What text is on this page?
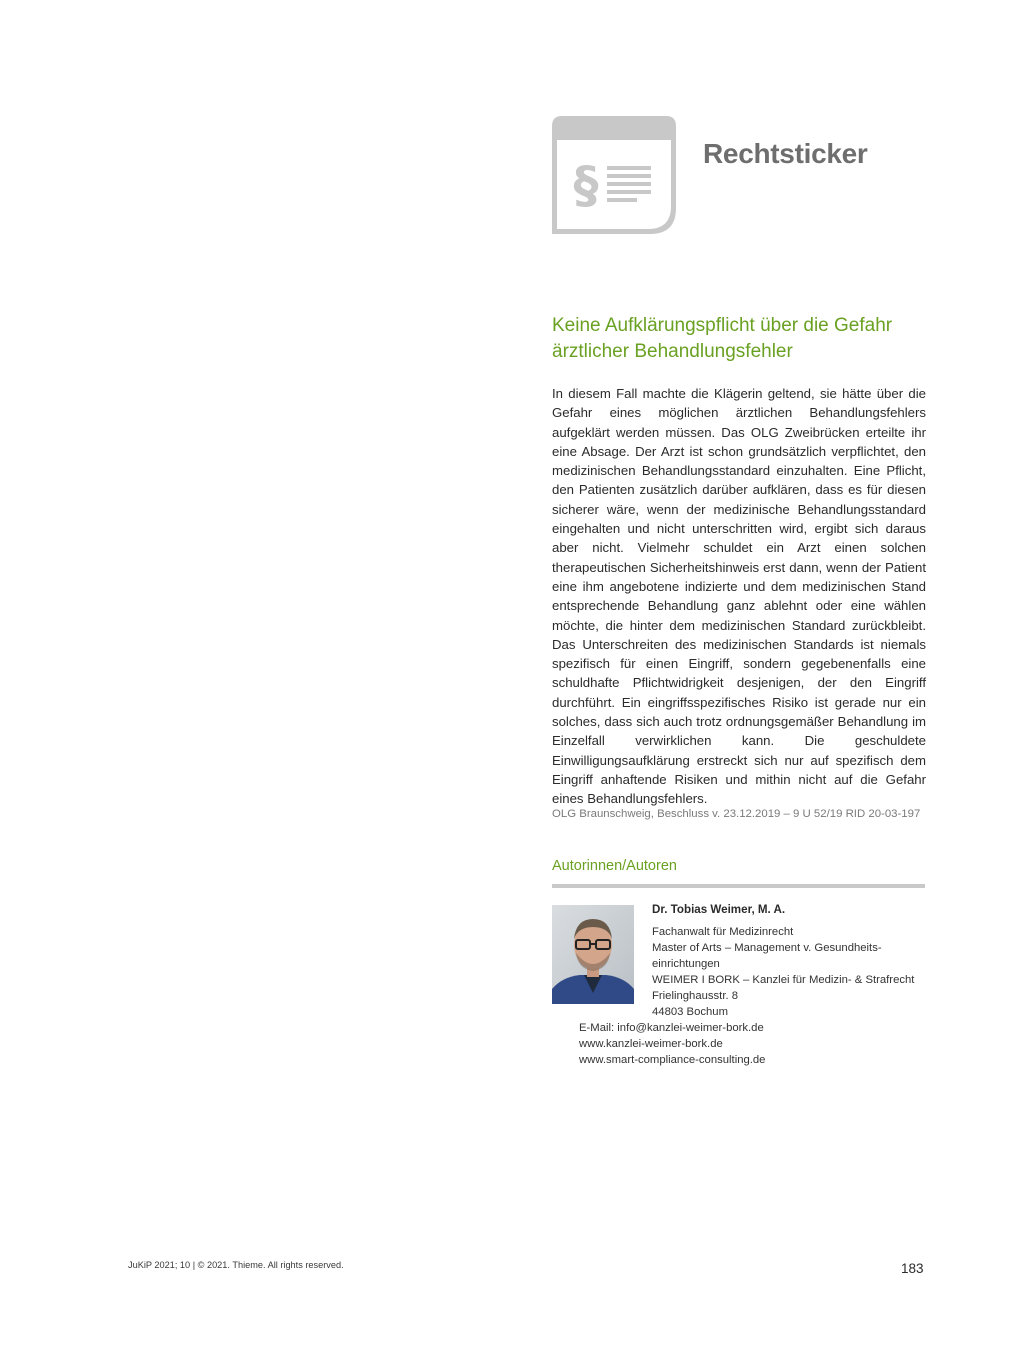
§
Rechtsticker
Keine Aufklärungspflicht über die Gefahr ärztlicher Behandlungsfehler

In diesem Fall machte die Klägerin geltend, sie hätte über die Gefahr eines möglichen ärztlichen Behandlungsfehlers aufgeklärt werden müssen. Das OLG Zweibrücken erteilte ihr eine Absage. Der Arzt ist schon grundsätzlich verpflichtet, den medizinischen Behandlungsstandard einzuhalten. Eine Pflicht, den Patienten zusätzlich darüber aufklären, dass es für diesen sicherer wäre, wenn der medizinische Behandlungsstandard eingehalten und nicht unterschritten wird, ergibt sich daraus aber nicht. Vielmehr schuldet ein Arzt einen solchen therapeutischen Sicherheitshinweis erst dann, wenn der Patient eine ihm angebotene indizierte und dem medizinischen Stand entsprechende Behandlung ganz ablehnt oder eine wählen möchte, die hinter dem medizinischen Standard zurückbleibt. Das Unterschreiten des medizinischen Standards ist niemals spezifisch für einen Eingriff, sondern gegebenenfalls eine schuldhafte Pflichtwidrigkeit desjenigen, der den Eingriff durchführt. Ein eingriffsspezifisches Risiko ist gerade nur ein solches, dass sich auch trotz ordnungsgemäßer Behandlung im Einzelfall verwirklichen kann. Die geschuldete Einwilligungsaufklärung erstreckt sich nur auf spezifisch dem Eingriff anhaftende Risiken und mithin nicht auf die Gefahr eines Behandlungsfehlers.

OLG Braunschweig, Beschluss v. 23.12.2019 – 9 U 52/19 RID 20-03-197

Autorinnen/Autoren

Dr. Tobias Weimer, M. A.

Fachanwalt für Medizinrecht
Master of Arts – Management v. Gesundheits-
einrichtungen
WEIMER I BORK – Kanzlei für Medizin- & Strafrecht
Frielinghausstr. 8
44803 Bochum
E-Mail: info@kanzlei-weimer-bork.de
www.kanzlei-weimer-bork.de
www.smart-compliance-consulting.de

JuKiP 2021; 10 | © 2021. Thieme. All rights reserved.	183
